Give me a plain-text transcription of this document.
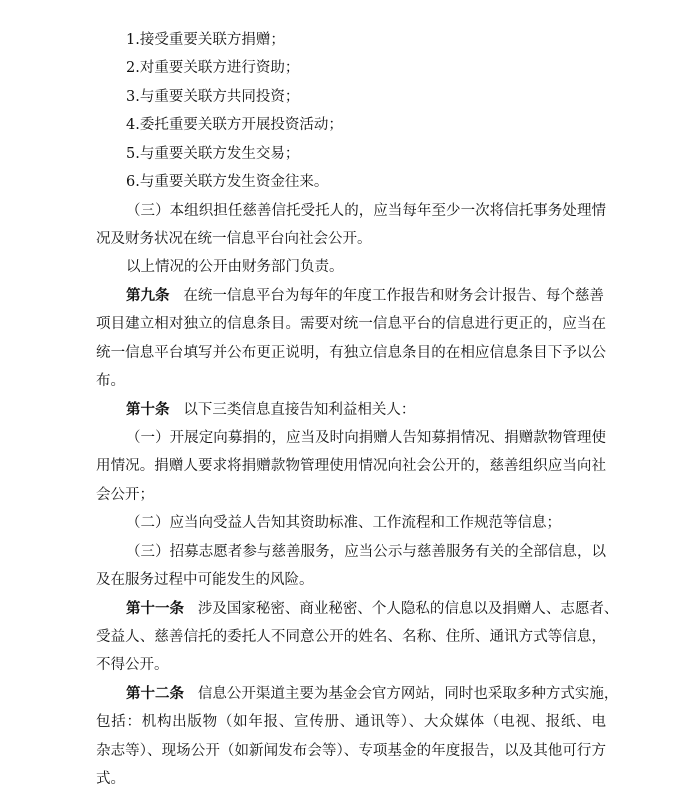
1.接受重要关联方捐赠；
2.对重要关联方进行资助；
3.与重要关联方共同投资；
4.委托重要关联方开展投资活动；
5.与重要关联方发生交易；
6.与重要关联方发生资金往来。
（三）本组织担任慈善信托受托人的，应当每年至少一次将信托事务处理情
况及财务状况在统一信息平台向社会公开。
以上情况的公开由财务部门负责。
第九条 在统一信息平台为每年的年度工作报告和财务会计报告、每个慈善
项目建立相对独立的信息条目。需要对统一信息平台的信息进行更正的，应当在
统一信息平台填写并公布更正说明，有独立信息条目的在相应信息条目下予以公
布。
第十条 以下三类信息直接告知利益相关人：
（一）开展定向募捐的，应当及时向捐赠人告知募捐情况、捐赠款物管理使
用情况。捐赠人要求将捐赠款物管理使用情况向社会公开的，慈善组织应当向社
会公开；
（二）应当向受益人告知其资助标准、工作流程和工作规范等信息；
（三）招募志愿者参与慈善服务，应当公示与慈善服务有关的全部信息，以
及在服务过程中可能发生的风险。
第十一条 涉及国家秘密、商业秘密、个人隐私的信息以及捐赠人、志愿者、
受益人、慈善信托的委托人不同意公开的姓名、名称、住所、通讯方式等信息，
不得公开。
第十二条 信息公开渠道主要为基金会官方网站，同时也采取多种方式实施，
包括：机构出版物（如年报、宣传册、通讯等）、大众媒体（电视、报纸、电
杂志等）、现场公开（如新闻发布会等）、专项基金的年度报告，以及其他可行方
式。
